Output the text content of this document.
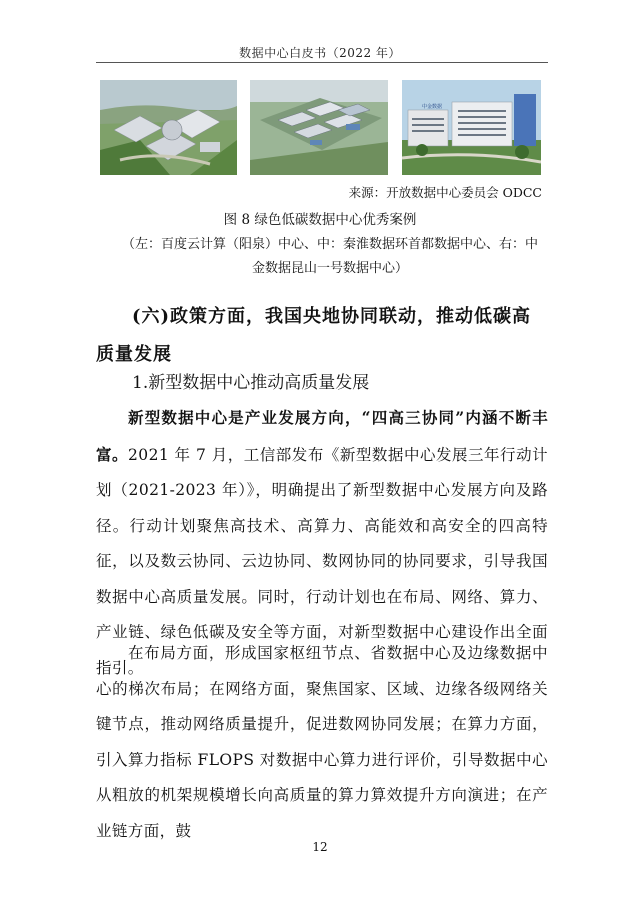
数据中心白皮书（2022 年）
中金数据
来源：开放数据中心委员会 ODCC
图 8 绿色低碳数据中心优秀案例
（左：百度云计算（阳泉）中心、中：秦淮数据环首都数据中心、右：中金数据昆山一号数据中心）
(六)政策方面，我国央地协同联动，推动低碳高质量发展
1.新型数据中心推动高质量发展
新型数据中心是产业发展方向，“四高三协同”内涵不断丰富。2021 年 7 月，工信部发布《新型数据中心发展三年行动计划（2021-2023 年）》，明确提出了新型数据中心发展方向及路径。行动计划聚焦高技术、高算力、高能效和高安全的四高特征，以及数云协同、云边协同、数网协同的协同要求，引导我国数据中心高质量发展。同时，行动计划也在布局、网络、算力、产业链、绿色低碳及安全等方面，对新型数据中心建设作出全面指引。
在布局方面，形成国家枢纽节点、省数据中心及边缘数据中心的梯次布局；在网络方面，聚焦国家、区域、边缘各级网络关键节点，推动网络质量提升，促进数网协同发展；在算力方面，引入算力指标 FLOPS 对数据中心算力进行评价，引导数据中心从粗放的机架规模增长向高质量的算力算效提升方向演进；在产业链方面，鼓
12
